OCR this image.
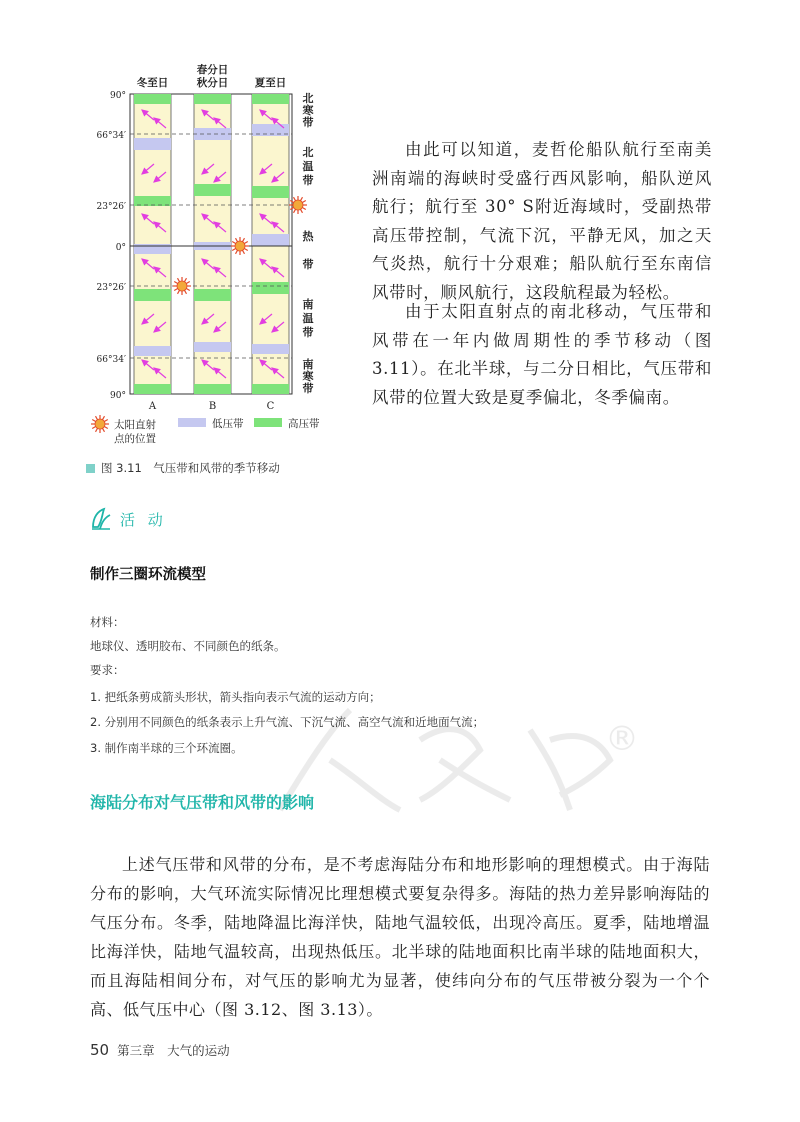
90°
66°34′
23°26′
0°
23°26′
66°34′
90°
冬至日
春分日
秋分日	夏至日
A	B	C
北
寒
带
北
温
带
热
带
南
温
带
南
寒
带
太阳直射
点的位置
低压带	高压带

由此可以知道，麦哲伦船队航行至南美洲南端的海峡时受盛行西风影响，船队逆风航行；航行至 30° S附近海域时，受副热带高压带控制，气流下沉，平静无风，加之天气炎热，航行十分艰难；船队航行至东南信风带时，顺风航行，这段航程最为轻松。

由于太阳直射点的南北移动，气压带和风带在一年内做周期性的季节移动（图 3.11）。在北半球，与二分日相比，气压带和风带的位置大致是夏季偏北，冬季偏南。

图 3.11　气压带和风带的季节移动
活 动
制作三圈环流模型
材料：
地球仪、透明胶布、不同颜色的纸条。
要求：
1. 把纸条剪成箭头形状，箭头指向表示气流的运动方向；
2. 分别用不同颜色的纸条表示上升气流、下沉气流、高空气流和近地面气流；
3. 制作南半球的三个环流圈。	®
海陆分布对气压带和风带的影响

上述气压带和风带的分布，是不考虑海陆分布和地形影响的理想模式。由于海陆分布的影响，大气环流实际情况比理想模式要复杂得多。海陆的热力差异影响海陆的气压分布。冬季，陆地降温比海洋快，陆地气温较低，出现冷高压。夏季，陆地增温比海洋快，陆地气温较高，出现热低压。北半球的陆地面积比南半球的陆地面积大，而且海陆相间分布，对气压的影响尤为显著，使纬向分布的气压带被分裂为一个个高、低气压中心（图 3.12、图 3.13）。

50 第三章　大气的运动
